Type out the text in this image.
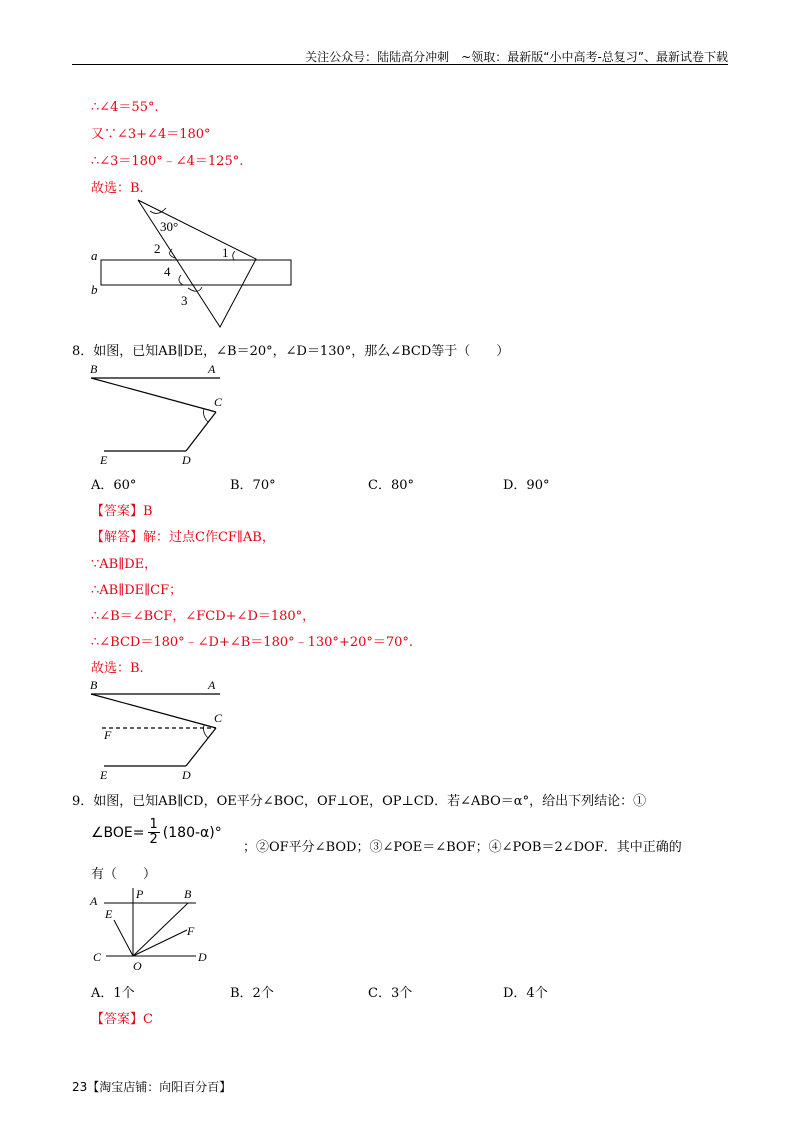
关注公众号：陆陆高分冲刺　~领取：最新版“小中高考-总复习”、最新试卷下载
∴∠4＝55°.
又∵∠3+∠4＝180°
∴∠3＝180°﹣∠4＝125°.
故选：B.
30°
1
2
4
3
a
b
8．如图，已知AB∥DE，∠B＝20°，∠D＝130°，那么∠BCD等于（　　）
B	A
C
E	D
A．60°	B．70°	C．80°	D．90°
【答案】B
【解答】解：过点C作CF∥AB，
∵AB∥DE，
∴AB∥DE∥CF；
∴∠B＝∠BCF，∠FCD+∠D＝180°，
∴∠BCD＝180°﹣∠D+∠B＝180°﹣130°+20°＝70°.
故选：B.
B	A
C
F
E	D
9．如图，已知AB∥CD，OE平分∠BOC，OF⊥OE，OP⊥CD．若∠ABO＝α°，给出下列结论：①
∠BOE= $\frac{1}{2} (180-\alpha)^\circ$
；②OF平分∠BOD；③∠POE＝∠BOF；④∠POB＝2∠DOF．其中正确的
有（　　）
A	P	B
E
F
C
O
D
A．1个	B．2个	C．3个	D．4个
【答案】C
23【淘宝店铺：向阳百分百】
